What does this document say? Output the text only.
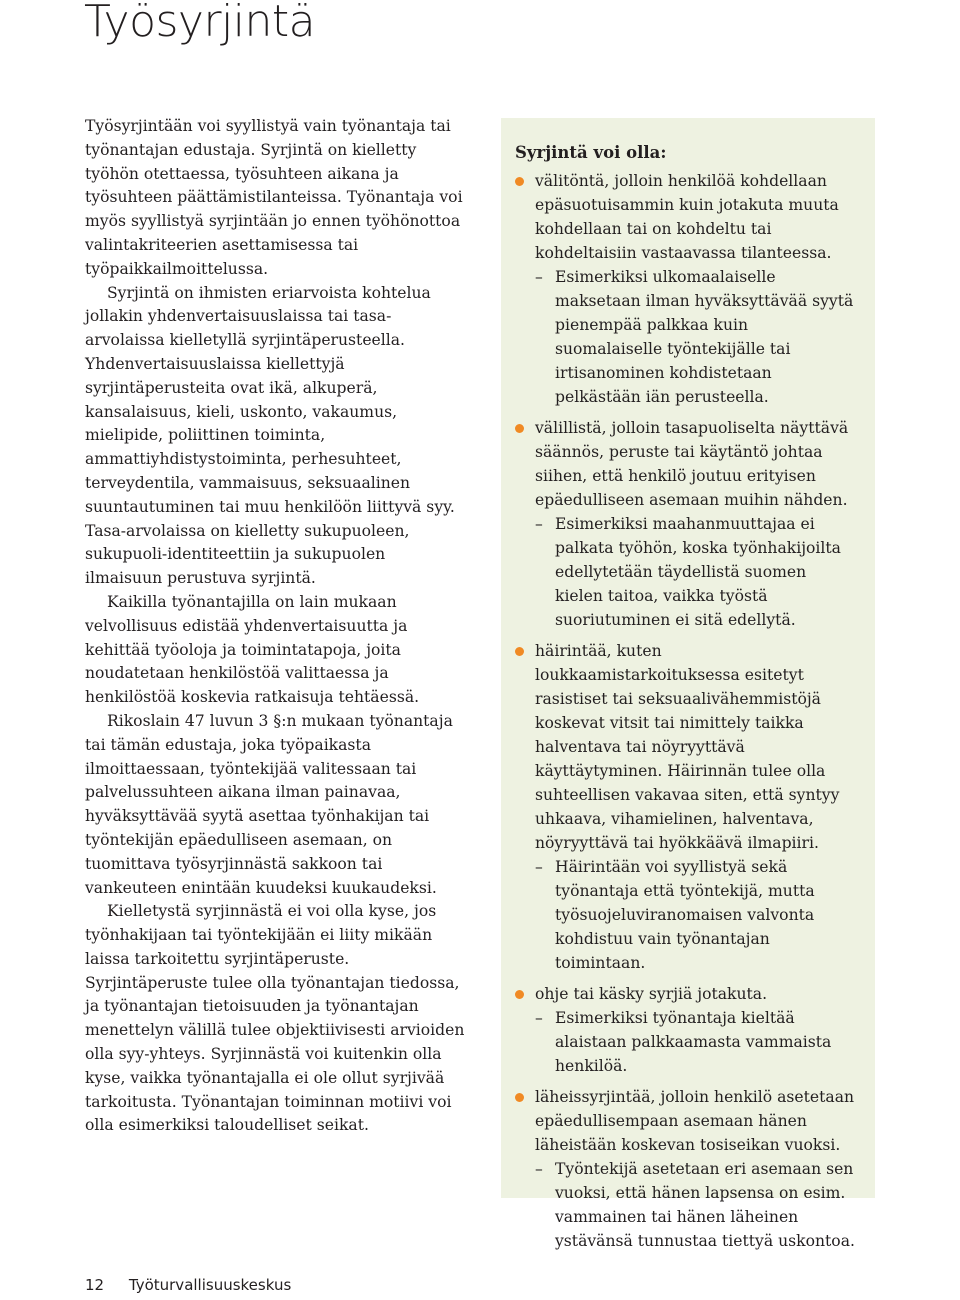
Työsyrjintä

Työsyrjintään voi syyllistyä vain työnantaja tai työnantajan edustaja. Syrjintä on kielletty työhön otettaessa, työsuhteen aikana ja työsuhteen päättämistilanteissa. Työnantaja voi myös syyllistyä syrjintään jo ennen työhönottoa valintakriteerien asettamisessa tai työpaikkailmoittelussa.

Syrjintä on ihmisten eriarvoista kohtelua jollakin yhdenvertaisuuslaissa tai tasa-arvolaissa kielletyllä syrjintäperusteella. Yhdenvertaisuuslaissa kiellettyjä syrjintäperusteita ovat ikä, alkuperä, kansalaisuus, kieli, uskonto, vakaumus, mielipide, poliittinen toiminta, ammattiyhdistystoiminta, perhesuhteet, terveydentila, vammaisuus, seksuaalinen suuntautuminen tai muu henkilöön liittyvä syy. Tasa-arvolaissa on kielletty sukupuoleen, sukupuoli-identiteettiin ja sukupuolen ilmaisuun perustuva syrjintä.

Kaikilla työnantajilla on lain mukaan velvollisuus edistää yhdenvertaisuutta ja kehittää työoloja ja toimintatapoja, joita noudatetaan henkilöstöä valittaessa ja henkilöstöä koskevia ratkaisuja tehtäessä.

Rikoslain 47 luvun 3 §:n mukaan työnantaja tai tämän edustaja, joka työpaikasta ilmoittaessaan, työntekijää valitessaan tai palvelussuhteen aikana ilman painavaa, hyväksyttävää syytä asettaa työnhakijan tai työntekijän epäedulliseen asemaan, on tuomittava työsyrjinnästä sakkoon tai vankeuteen enintään kuudeksi kuukaudeksi.

Kielletystä syrjinnästä ei voi olla kyse, jos työnhakijaan tai työntekijään ei liity mikään laissa tarkoitettu syrjintäperuste. Syrjintäperuste tulee olla työnantajan tiedossa, ja työnantajan tietoisuuden ja työnantajan menettelyn välillä tulee objektiivisesti arvioiden olla syy-yhteys. Syrjinnästä voi kuitenkin olla kyse, vaikka työnantajalla ei ole ollut syrjivää tarkoitusta. Työnantajan toiminnan motiivi voi olla esimerkiksi taloudelliset seikat.

Syrjintä voi olla:
välitöntä, jolloin henkilöä kohdellaan epäsuotuisammin kuin jotakuta muuta kohdellaan tai on kohdeltu tai kohdeltaisiin vastaavassa tilanteessa.
– Esimerkiksi ulkomaalaiselle maksetaan ilman hyväksyttävää syytä pienempää palkkaa kuin suomalaiselle työntekijälle tai irtisanominen kohdistetaan pelkästään iän perusteella.
välillistä, jolloin tasapuoliselta näyttävä säännös, peruste tai käytäntö johtaa siihen, että henkilö joutuu erityisen epäedulliseen asemaan muihin nähden.
– Esimerkiksi maahanmuuttajaa ei palkata työhön, koska työnhakijoilta edellytetään täydellistä suomen kielen taitoa, vaikka työstä suoriutuminen ei sitä edellytä.
häirintää, kuten loukkaamistarkoituksessa esitetyt rasistiset tai seksuaalivähemmistöjä koskevat vitsit tai nimittely taikka halventava tai nöyryyttävä käyttäytyminen. Häirinnän tulee olla suhteellisen vakavaa siten, että syntyy uhkaava, vihamielinen, halventava, nöyryyttävä tai hyökkäävä ilmapiiri.
– Häirintään voi syyllistyä sekä työnantaja että työntekijä, mutta työsuojeluviranomaisen valvonta kohdistuu vain työnantajan toimintaan.
ohje tai käsky syrjiä jotakuta.
– Esimerkiksi työnantaja kieltää alaistaan palkkaamasta vammaista henkilöä.
läheissyrjintää, jolloin henkilö asetetaan epäedullisempaan asemaan hänen läheistään koskevan tosiseikan vuoksi.
– Työntekijä asetetaan eri asemaan sen vuoksi, että hänen lapsensa on esim. vammainen tai hänen läheinen ystävänsä tunnustaa tiettyä uskontoa.
12 Työturvallisuuskeskus
